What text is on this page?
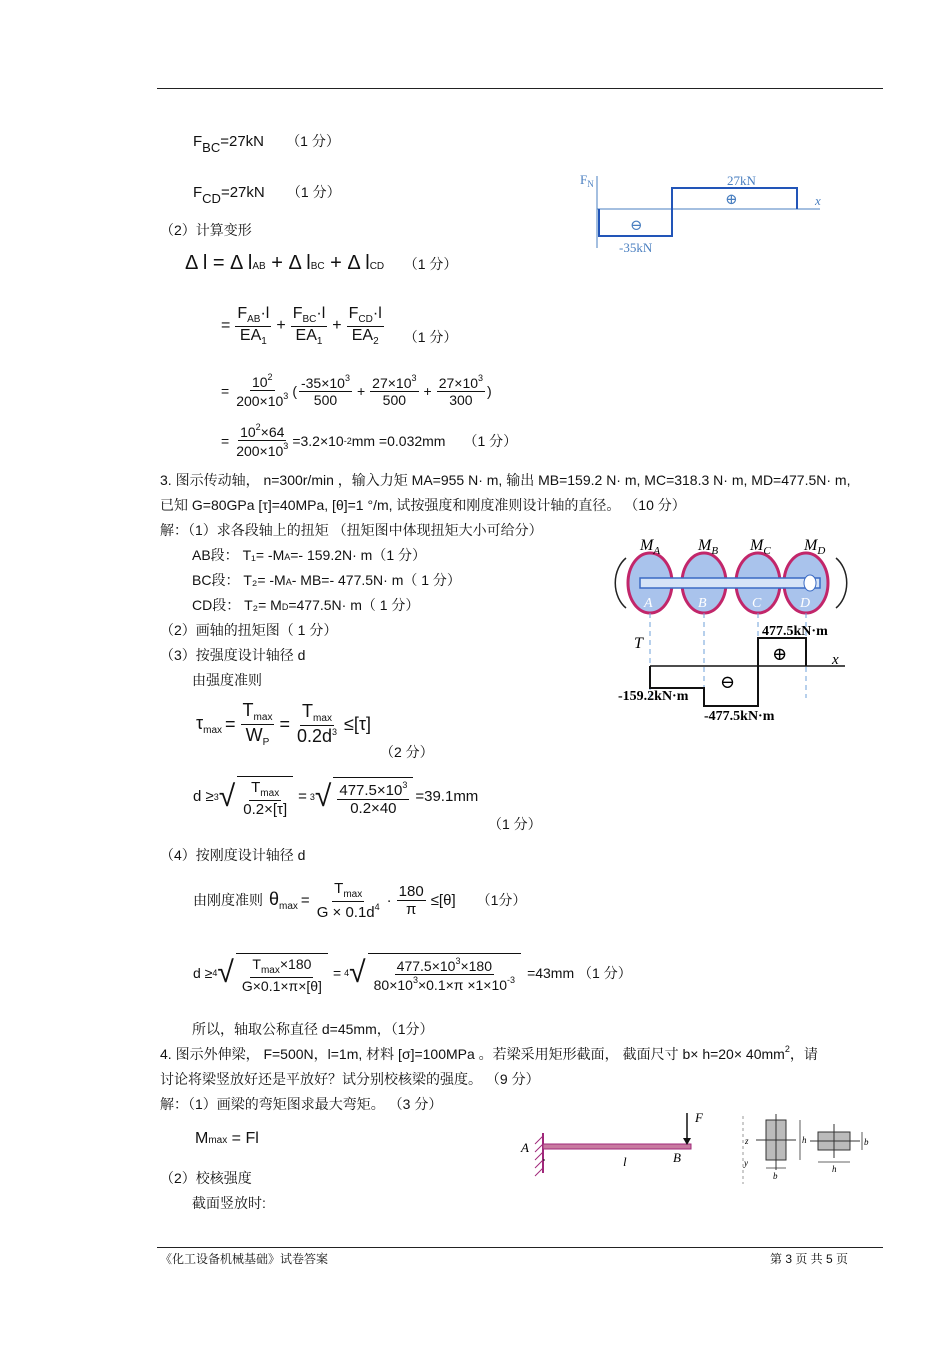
FBC=27kN （1 分）
FCD=27kN （1 分）
（2）计算变形
$F_N$
x
27kN
-35kN
⊕
⊖
Δ l = Δ lAB + Δ lBC + Δ lCD （1 分）
= $\frac{F_{AB}\cdot l}{EA_1} + \frac{F_{BC}\cdot l}{EA_1} + \frac{F_{CD}\cdot l}{EA_2} (1$ 分）
= $\frac{10^2}{200\times 10^3}$ ( $\frac{-35\times 10^3}{500} + \frac{27\times 10^3}{500} + \frac{27\times 10^3}{300}$ )
= $\frac{10^2\times 64}{200\times 10^3} =3.2\times 10$ -2 mm =0.032mm （1 分）
3. 图示传动轴， n=300r/min ，输入力矩 MA=955 N· m, 输出 MB=159.2 N· m, MC=318.3 N· m, MD=477.5N· m,
已知 G=80GPa [τ]=40MPa, [θ]=1 °/m, 试按强度和刚度准则设计轴的直径。 （10 分）
解：（1）求各段轴上的扭矩 （扭矩图中体现扭矩大小可给分）
AB段： T₁= -MA=- 159.2N· m（1 分）
BC段： T₂= -MA- MB=- 477.5N· m（ 1 分）
CD段： T₂= MD=477.5N· m（ 1 分）
（2）画轴的扭矩图（ 1 分）
（3）按强度设计轴径 d
由强度准则
$M_A$ $M_B$ $M_C$ $M_D$
A	B	C	D
T
x
477.5kN·m
-159.2kN·m
-477.5kN·m
⊕
⊖
$\tau_{max} = \frac{T_{max}}{W_P} = \frac{T_{max}}{0.2d^3} \le[\tau]$
（2 分）
d ≥ 3 √ $\frac{T_{max}}{0.2\times[\tau]} = 3$ √ $\frac{477.5\times 10^3}{0.2\times 40} =39.1mm$
（1 分）
（4）按刚度设计轴径 d
由刚度准则 $\theta_{max} = \frac{T_{max}}{G \times 0.1d^4} \cdot \frac{180}{\pi} \le[\theta]$ （1分）
d ≥ 4 √ $\frac{T_{max}\times 180}{G\times 0.1\times\pi\times[\theta]} = 4$ √ $\frac{477.5\times 10^3\times 180}{80\times 10^3\times 0.1\times\pi \times 1\times 10^{-3}} =43mm$ （1 分）
所以，轴取公称直径 d=45mm，（1分）
4. 图示外伸梁， F=500N，l=1m, 材料 [σ]=100MPa 。若梁采用矩形截面， 截面尺寸 $b\times h=20\times 40mm^2$，请
讨论将梁竖放好还是平放好？试分别校核梁的强度。 （9 分）
解：（1）画梁的弯矩图求最大弯矩。 （3 分）
Mmax = Fl
（2）校核强度
截面竖放时:
F
A
B
l
z
y
h
b
b
h
《化工设备机械基础》试卷答案	第 3 页 共 5 页
